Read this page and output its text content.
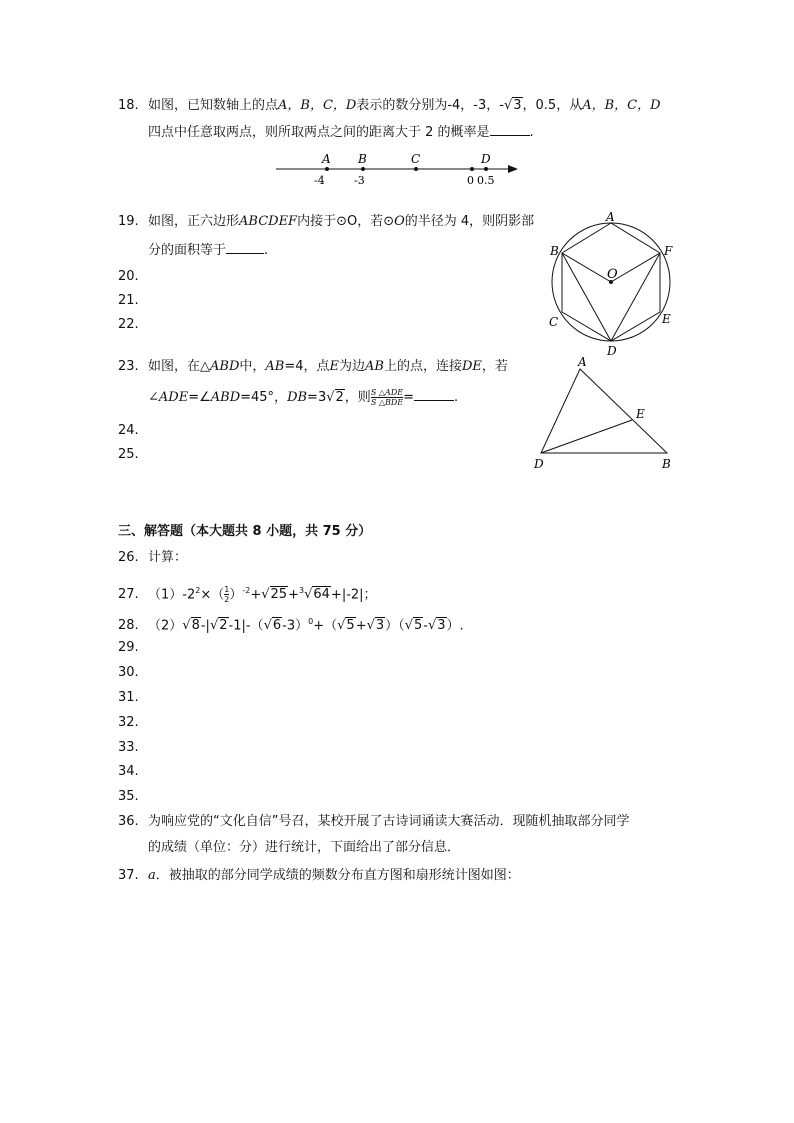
18. 如图，已知数轴上的点A，B，C，D表示的数分别为-4，-3，-√3，0.5，从A，B，C，D
四点中任意取两点，则所取两点之间的距离大于 2 的概率是	.
A B	C	D
-4	-3	0 0.5
19. 如图，正六边形ABCDEF内接于⊙O，若⊙O的半径为 4，则阴影部
分的面积等于	.
A
B
C
D
E
F
O
20.
21.
22.
23. 如图，在△ABD中，AB=4，点E为边AB上的点，连接DE，若
∠ADE=∠ABD=45°，DB=3√2，则 $\frac{\text{S △ADE}}{\text{S △BDE}}$ =	.
A
E
D	B
24.
25.
三、解答题（本大题共 8 小题，共 75 分）
26. 计算：
27. $(1)-2^2\times( \frac{1}{2} )^{-2}+√25+^3√64+|-2|$；
28. $(2)√8-|√2-1|-(√6-3)^0+(√5+√3)(√5-√3)$.
29.
30.
31.
32.
33.
34.
35.
36. 为响应党的“文化自信”号召，某校开展了古诗词诵读大赛活动．现随机抽取部分同学
的成绩（单位：分）进行统计，下面给出了部分信息．
37. a．被抽取的部分同学成绩的频数分布直方图和扇形统计图如图：
